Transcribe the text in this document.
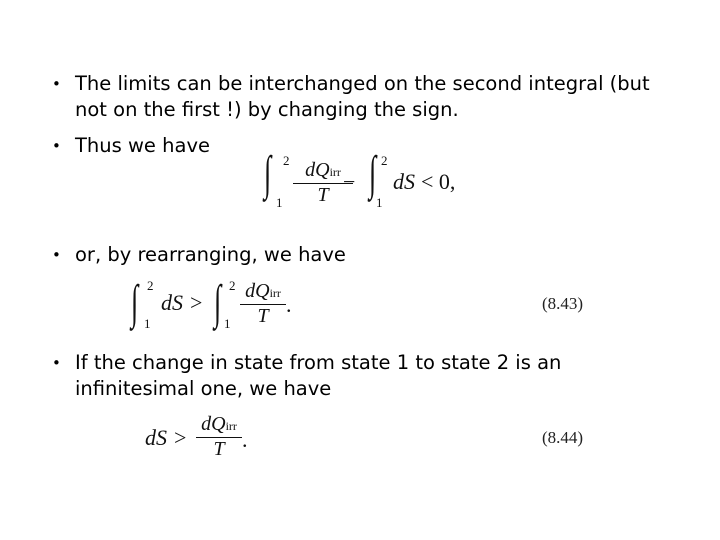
• The limits can be interchanged on the second integral (but not on the first !) by changing the sign.
• Thus we have
∫ 2
1
dQirr
T
− ∫ 2
1
dS < 0,
• or, by rearranging, we have
∫ 2
1
dS > ∫ 2
1
dQirr
T .	(8.43)
• If the change in state from state 1 to state 2 is an infinitesimal one, we have
dS >
dQirr
T .	(8.44)
